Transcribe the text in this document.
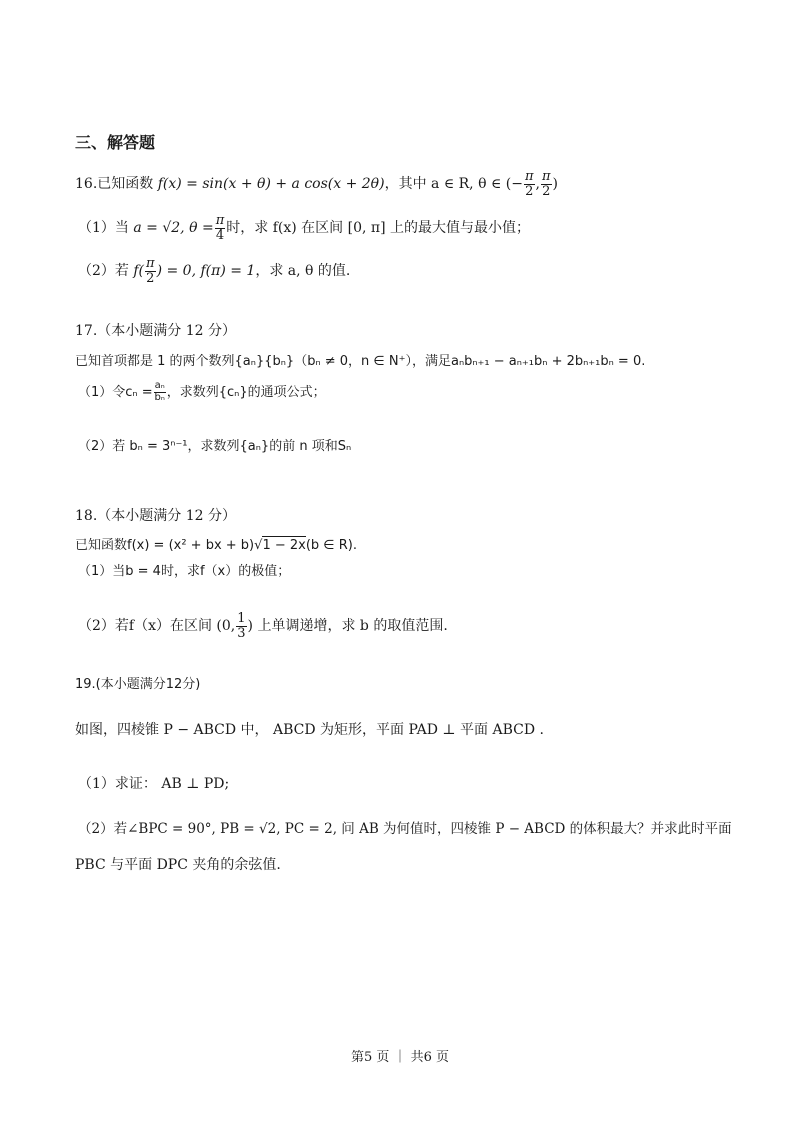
三、解答题
16.已知函数 f(x) = sin(x + θ) + a cos(x + 2θ)，其中 a ∈ R, θ ∈ (− $\frac{\pi}{2}$ , $\frac{\pi}{2}$ )
（1）当 a = √2, $\theta = \frac{\pi}{4}$ 时，求 f(x) 在区间 [0, π] 上的最大值与最小值；
（2）若 $f( \frac{\pi}{2}$ ) = 0, f(π) = 1，求 a, θ 的值.
17.（本小题满分 12 分）
已知首项都是 1 的两个数列{aₙ}{bₙ}（bₙ ≠ 0，n ∈ N⁺），满足aₙbₙ₊₁ − aₙ₊₁bₙ + 2bₙ₊₁bₙ = 0.
（1）令$c_n = \frac{\text{aₙ}}{\text{bₙ}}$ ，求数列{cₙ}的通项公式；
（2）若 bₙ = 3ⁿ⁻¹，求数列{aₙ}的前 n 项和Sₙ
18.（本小题满分 12 分）
已知函数f(x) = (x² + bx + b)√1 − 2x(b ∈ R).
（1）当b = 4时，求f（x）的极值；
（2）若f（x）在区间 (0, $\frac{1}{3}$ ) 上单调递增，求 b 的取值范围.
19.(本小题满分12分)
如图，四棱锥 P − ABCD 中， ABCD 为矩形，平面 PAD ⊥ 平面 ABCD .
（1）求证： AB ⊥ PD;
（2）若∠BPC = 90°, PB = √2, PC = 2, 问 AB 为何值时，四棱锥 P − ABCD 的体积最大？并求此时平面
PBC 与平面 DPC 夹角的余弦值.
第5 页 ｜ 共6 页
